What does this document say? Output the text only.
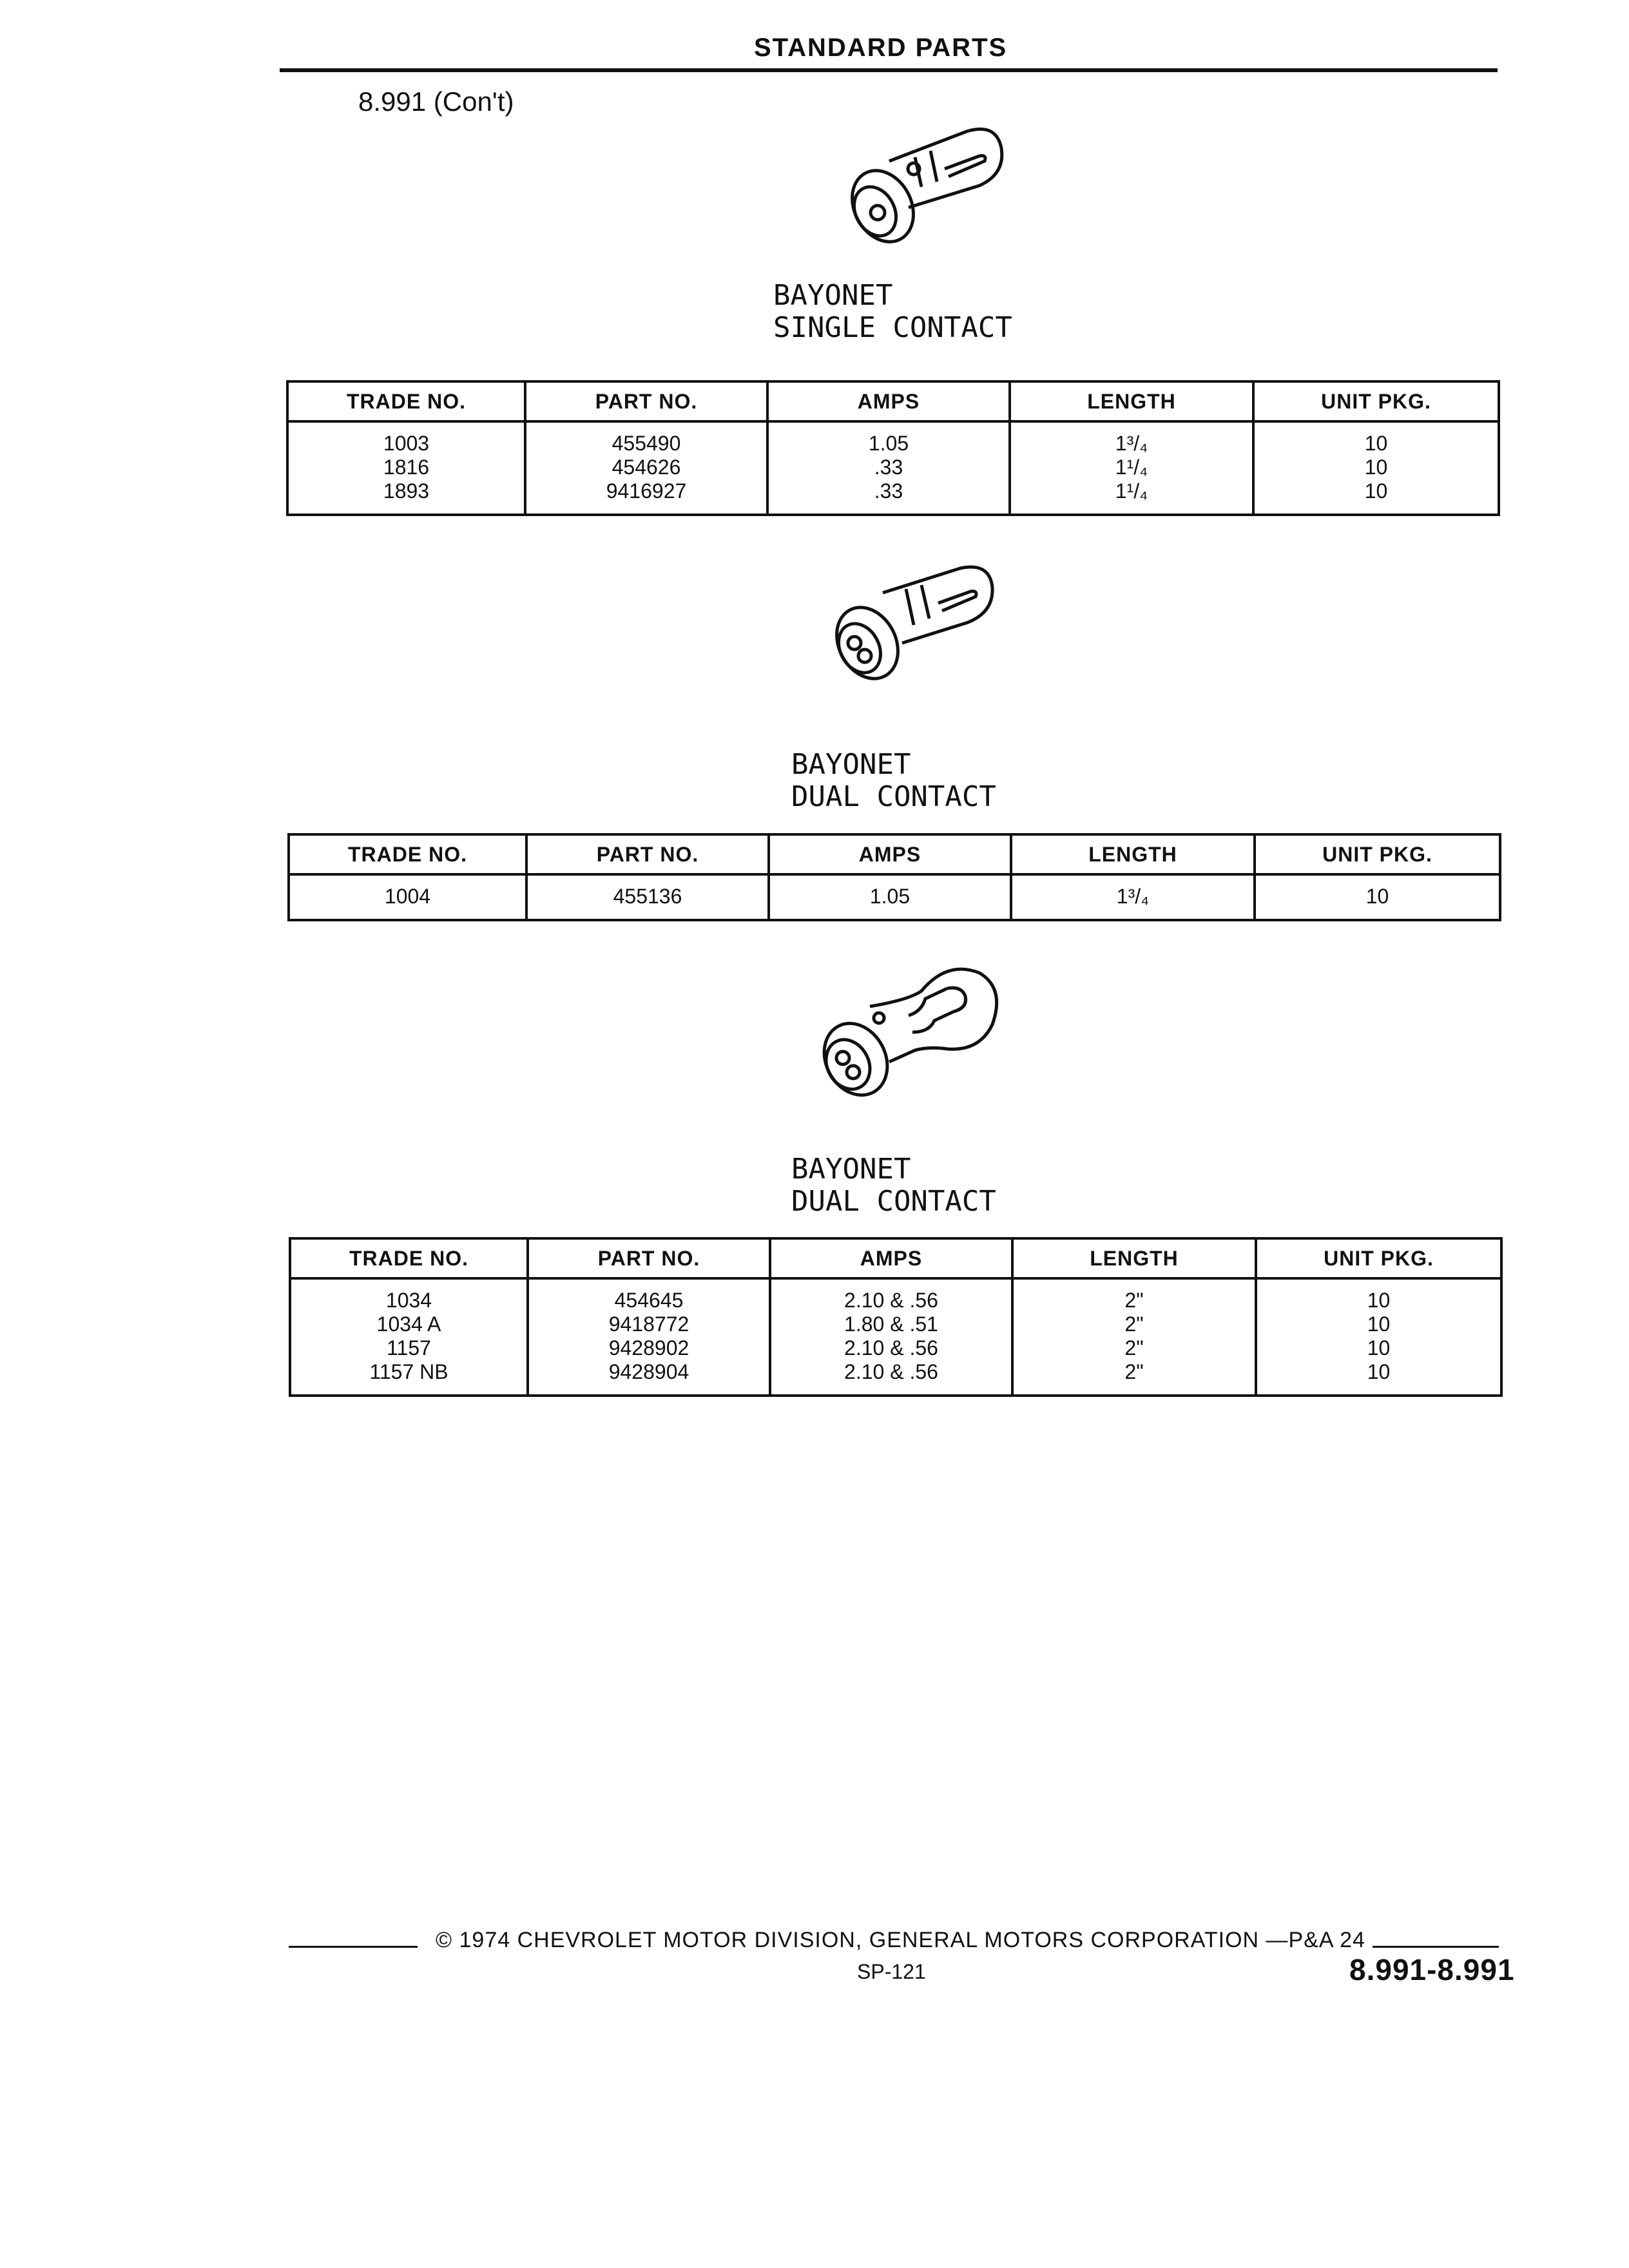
STANDARD PARTS
8.991 (Con't)
BAYONET
SINGLE CONTACT
TRADE NO.	PART NO.	AMPS	LENGTH	UNIT PKG.
1003	455490	1.05	1³/₄	10
1816	454626	.33	1¹/₄	10
1893	9416927	.33	1¹/₄	10
BAYONET
DUAL CONTACT
TRADE NO.	PART NO.	AMPS	LENGTH	UNIT PKG.
1004	455136	1.05	1³/₄	10
BAYONET
DUAL CONTACT
TRADE NO.	PART NO.	AMPS	LENGTH	UNIT PKG.
1034	454645	2.10 & .56	2"	10
1034 A	9418772	1.80 & .51	2"	10
1157	9428902	2.10 & .56	2"	10
1157 NB	9428904	2.10 & .56	2"	10
© 1974 CHEVROLET MOTOR DIVISION, GENERAL MOTORS CORPORATION —P&A 24
SP-121	8.991-8.991
